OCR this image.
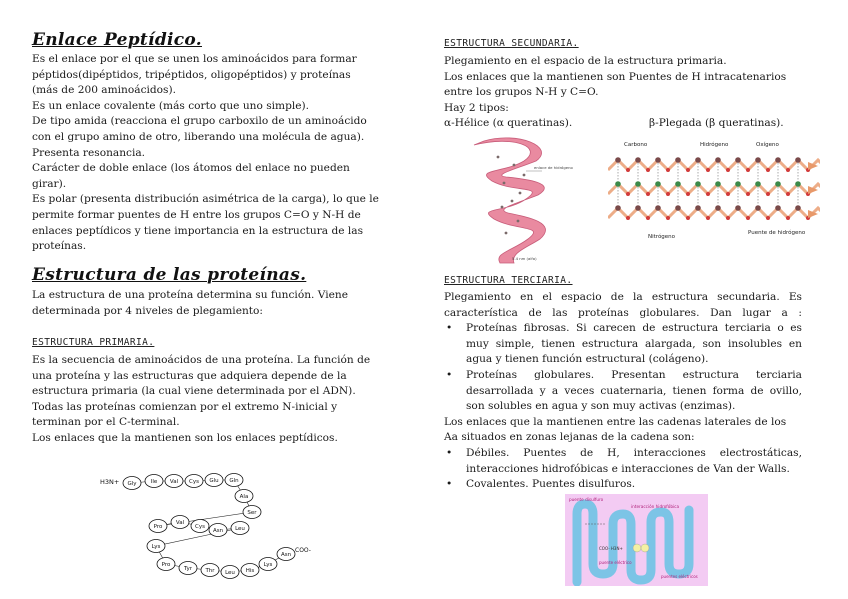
Enlace Peptídico.
Es el enlace por el que se unen los aminoácidos para formar
péptidos(dipéptidos, tripéptidos, oligopéptidos) y proteínas
(más de 200 aminoácidos).
Es un enlace covalente (más corto que uno simple).
De tipo amida (reacciona el grupo carboxilo de un aminoácido
con el grupo amino de otro, liberando una molécula de agua).
Presenta resonancia.
Carácter de doble enlace (los átomos del enlace no pueden
girar).
Es polar (presenta distribución asimétrica de la carga), lo que le
permite formar puentes de H entre los grupos C=O y N-H de
enlaces peptídicos y tiene importancia en la estructura de las
proteínas.
Estructura de las proteínas.
La estructura de una proteína determina su función. Viene
determinada por 4 niveles de plegamiento:
ESTRUCTURA PRIMARIA.
Es la secuencia de aminoácidos de una proteína. La función de
una proteína y las estructuras que adquiera depende de la
estructura primaria (la cual viene determinada por el ADN).
Todas las proteínas comienzan por el extremo N-inicial y
terminan por el C-terminal.
Los enlaces que la mantienen son los enlaces peptídicos.
H3N+ Gly	Ile Val Cys Glu Gln
Ala
Ser
Pro
Val
Cys
Asn Leu
Lys
Pro
Tyr Thr Leu His
Lys
Asn
COO-
ESTRUCTURA SECUNDARIA.
Plegamiento en el espacio de la estructura primaria.
Los enlaces que la mantienen son Puentes de H intracatenarios
entre los grupos N-H y C=O.
Hay 2 tipos:
α-Hélice (α queratinas).	β-Plegada (β queratinas).
enlace de hidrógeno
5.4 nm (alfa)
Carbono	Hidrógeno	Oxígeno
Nitrógeno
Puente de hidrógeno
ESTRUCTURA TERCIARIA.
Plegamiento en el espacio de la estructura secundaria. Es
característica de las proteínas globulares. Dan lugar a :
• Proteínas fibrosas. Si carecen de estructura terciaria o es
muy simple, tienen estructura alargada, son insolubles en
agua y tienen función estructural (colágeno).
• Proteínas globulares. Presentan estructura terciaria
desarrollada y a veces cuaternaria, tienen forma de ovillo,
son solubles en agua y son muy activas (enzimas).
Los enlaces que la mantienen entre las cadenas laterales de los
Aa situados en zonas lejanas de la cadena son:
• Débiles. Puentes de H, interacciones electrostáticas,
interacciones hidrofóbicas e interacciones de Van der Walls.
• Covalentes. Puentes disulfuros.
puente disulfuro
interacción hidrofóbica
COO- H3N+
puente eléctrico
puentes eléctricos
